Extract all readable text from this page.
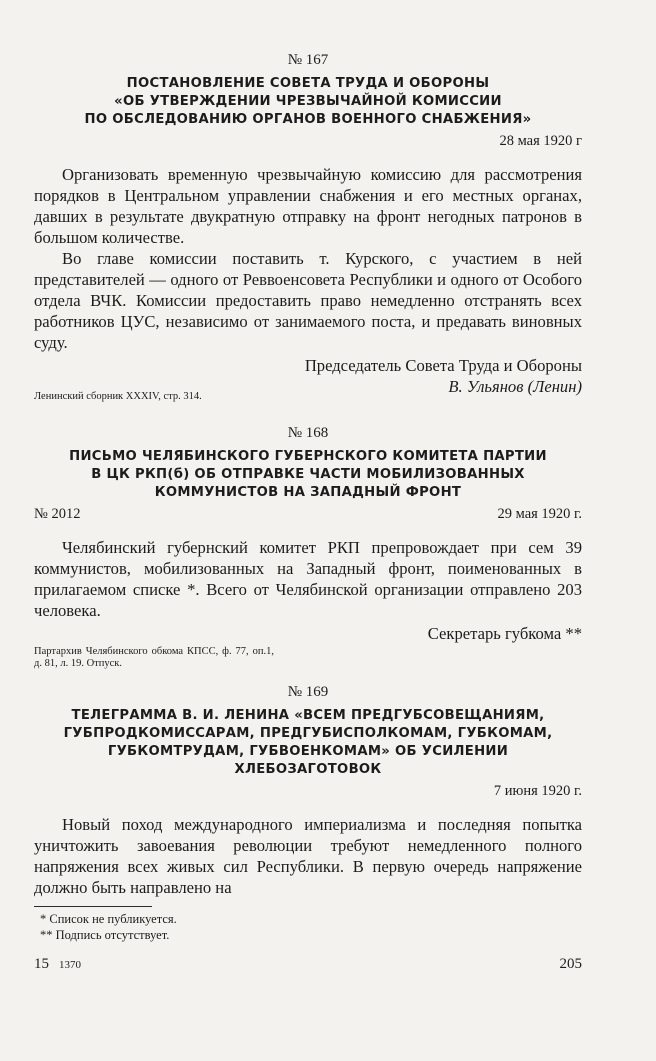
№ 167
ПОСТАНОВЛЕНИЕ СОВЕТА ТРУДА И ОБОРОНЫ
«ОБ УТВЕРЖДЕНИИ ЧРЕЗВЫЧАЙНОЙ КОМИССИИ
ПО ОБСЛЕДОВАНИЮ ОРГАНОВ ВОЕННОГО СНАБЖЕНИЯ»
28 мая 1920 г

Организовать временную чрезвычайную комиссию для рассмотрения порядков в Центральном управлении снабжения и его местных органах, давших в результате двукратную отправку на фронт негодных патронов в большом количестве.

Во главе комиссии поставить т. Курского, с участием в ней представителей — одного от Реввоенсовета Республики и одного от Особого отдела ВЧК. Комиссии предоставить право немедленно отстранять всех работников ЦУС, независимо от занимаемого поста, и предавать виновных суду.

Председатель Совета Труда и Обороны
В. Ульянов (Ленин)
Ленинский сборник XXXIV, стр. 314.
№ 168
ПИСЬМО ЧЕЛЯБИНСКОГО ГУБЕРНСКОГО КОМИТЕТА ПАРТИИ
В ЦК РКП(б) ОБ ОТПРАВКЕ ЧАСТИ МОБИЛИЗОВАННЫХ
КОММУНИСТОВ НА ЗАПАДНЫЙ ФРОНТ
№ 2012	29 мая 1920 г.

Челябинский губернский комитет РКП препровождает при сем 39 коммунистов, мобилизованных на Западный фронт, поименованных в прилагаемом списке *. Всего от Челябинской организации отправлено 203 человека.

Секретарь губкома **
Партархив Челябинского обкома КПСС, ф. 77, оп.1, д. 81, л. 19. Отпуск.
№ 169
ТЕЛЕГРАММА В. И. ЛЕНИНА «ВСЕМ ПРЕДГУБСОВЕЩАНИЯМ,
ГУБПРОДКОМИССАРАМ, ПРЕДГУБИСПОЛКОМАМ, ГУБКОМАМ,
ГУБКОМТРУДАМ, ГУБВОЕНКОМАМ» ОБ УСИЛЕНИИ
ХЛЕБОЗАГОТОВОК
7 июня 1920 г.

Новый поход международного империализма и последняя попытка уничтожить завоевания революции требуют немедленного полного напряжения всех живых сил Республики. В первую очередь напряжение должно быть направлено на

* Список не публикуется.
** Подпись отсутствует.
15 1370	205
